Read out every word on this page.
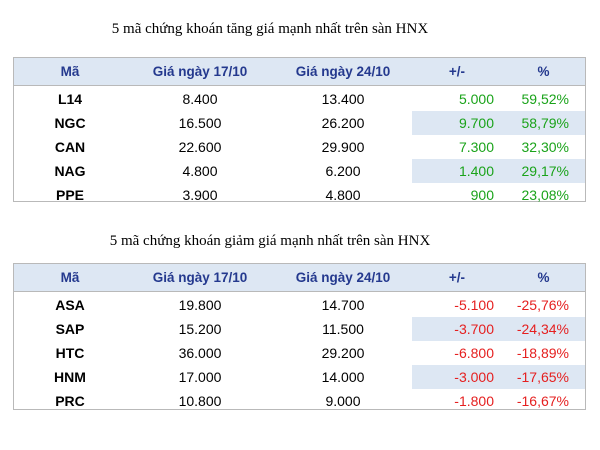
5 mã chứng khoán tăng giá mạnh nhất trên sàn HNX
Mã	Giá ngày 17/10	Giá ngày 24/10	+/-	%
L14	8.400	13.400	5.000	59,52%
NGC	16.500	26.200	9.700	58,79%
CAN	22.600	29.900	7.300	32,30%
NAG	4.800	6.200	1.400	29,17%
PPE	3.900	4.800	900	23,08%
5 mã chứng khoán giảm giá mạnh nhất trên sàn HNX
Mã	Giá ngày 17/10	Giá ngày 24/10	+/-	%
ASA	19.800	14.700	-5.100	-25,76%
SAP	15.200	11.500	-3.700	-24,34%
HTC	36.000	29.200	-6.800	-18,89%
HNM	17.000	14.000	-3.000	-17,65%
PRC	10.800	9.000	-1.800	-16,67%
